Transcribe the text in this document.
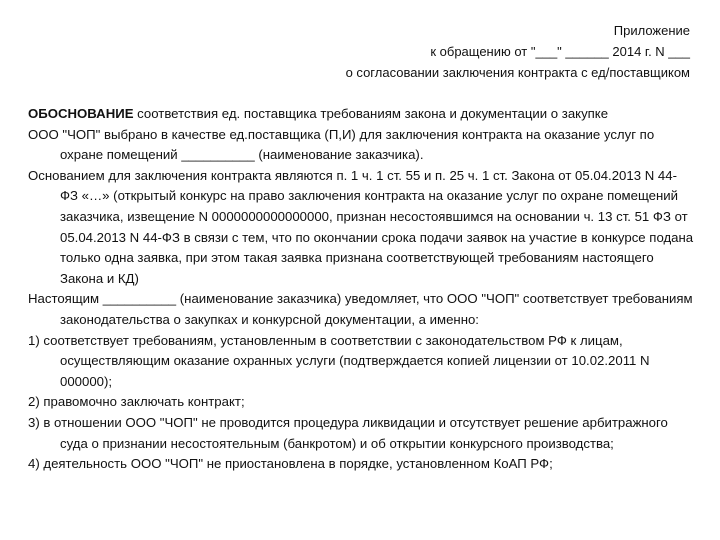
Приложение
к обращению от "___" ______ 2014 г. N ___
о согласовании заключения контракта с ед/поставщиком

ОБОСНОВАНИЕ соответствия ед. поставщика требованиям закона и документации о закупке

ООО "ЧОП" выбрано в качестве ед.поставщика (П,И) для заключения контракта на оказание услуг по охране помещений __________ (наименование заказчика).

Основанием для заключения контракта являются п. 1 ч. 1 ст. 55 и п. 25 ч. 1 ст. Закона от 05.04.2013 N 44-ФЗ «…» (открытый конкурс на право заключения контракта на оказание услуг по охране помещений заказчика, извещение N 0000000000000000, признан несостоявшимся на основании ч. 13 ст. 51 ФЗ от 05.04.2013 N 44-ФЗ в связи с тем, что по окончании срока подачи заявок на участие в конкурсе подана только одна заявка, при этом такая заявка признана соответствующей требованиям настоящего Закона и КД)

Настоящим __________ (наименование заказчика) уведомляет, что ООО "ЧОП" соответствует требованиям законодательства о закупках и конкурсной документации, а именно:

1) соответствует требованиям, установленным в соответствии с законодательством РФ к лицам, осуществляющим оказание охранных услуги (подтверждается копией лицензии от 10.02.2011 N 000000);

2) правомочно заключать контракт;

3) в отношении ООО "ЧОП" не проводится процедура ликвидации и отсутствует решение арбитражного суда о признании несостоятельным (банкротом) и об открытии конкурсного производства;

4) деятельность ООО "ЧОП" не приостановлена в порядке, установленном КоАП РФ;
